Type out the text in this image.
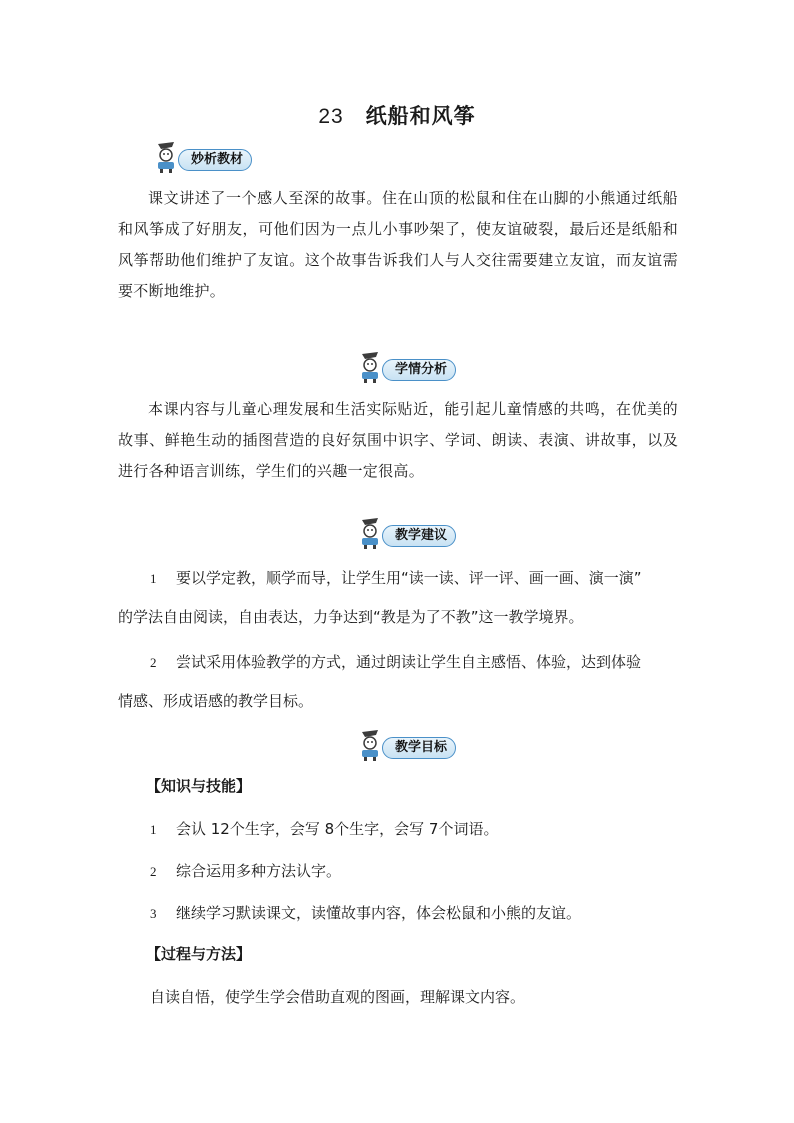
23 纸船和风筝
妙析教材
课文讲述了一个感人至深的故事。住在山顶的松鼠和住在山脚的小熊通过纸船和风筝成了好朋友，可他们因为一点儿小事吵架了，使友谊破裂，最后还是纸船和风筝帮助他们维护了友谊。这个故事告诉我们人与人交往需要建立友谊，而友谊需要不断地维护。
学情分析
本课内容与儿童心理发展和生活实际贴近，能引起儿童情感的共鸣，在优美的故事、鲜艳生动的插图营造的良好氛围中识字、学词、朗读、表演、讲故事，以及进行各种语言训练，学生们的兴趣一定很高。
教学建议
1 要以学定教，顺学而导，让学生用“读一读、评一评、画一画、演一演”
的学法自由阅读，自由表达，力争达到“教是为了不教”这一教学境界。
2 尝试采用体验教学的方式，通过朗读让学生自主感悟、体验，达到体验
情感、形成语感的教学目标。
教学目标
【知识与技能】
1 会认 12个生字，会写 8个生字，会写 7个词语。
2 综合运用多种方法认字。
3 继续学习默读课文，读懂故事内容，体会松鼠和小熊的友谊。
【过程与方法】
自读自悟，使学生学会借助直观的图画，理解课文内容。
